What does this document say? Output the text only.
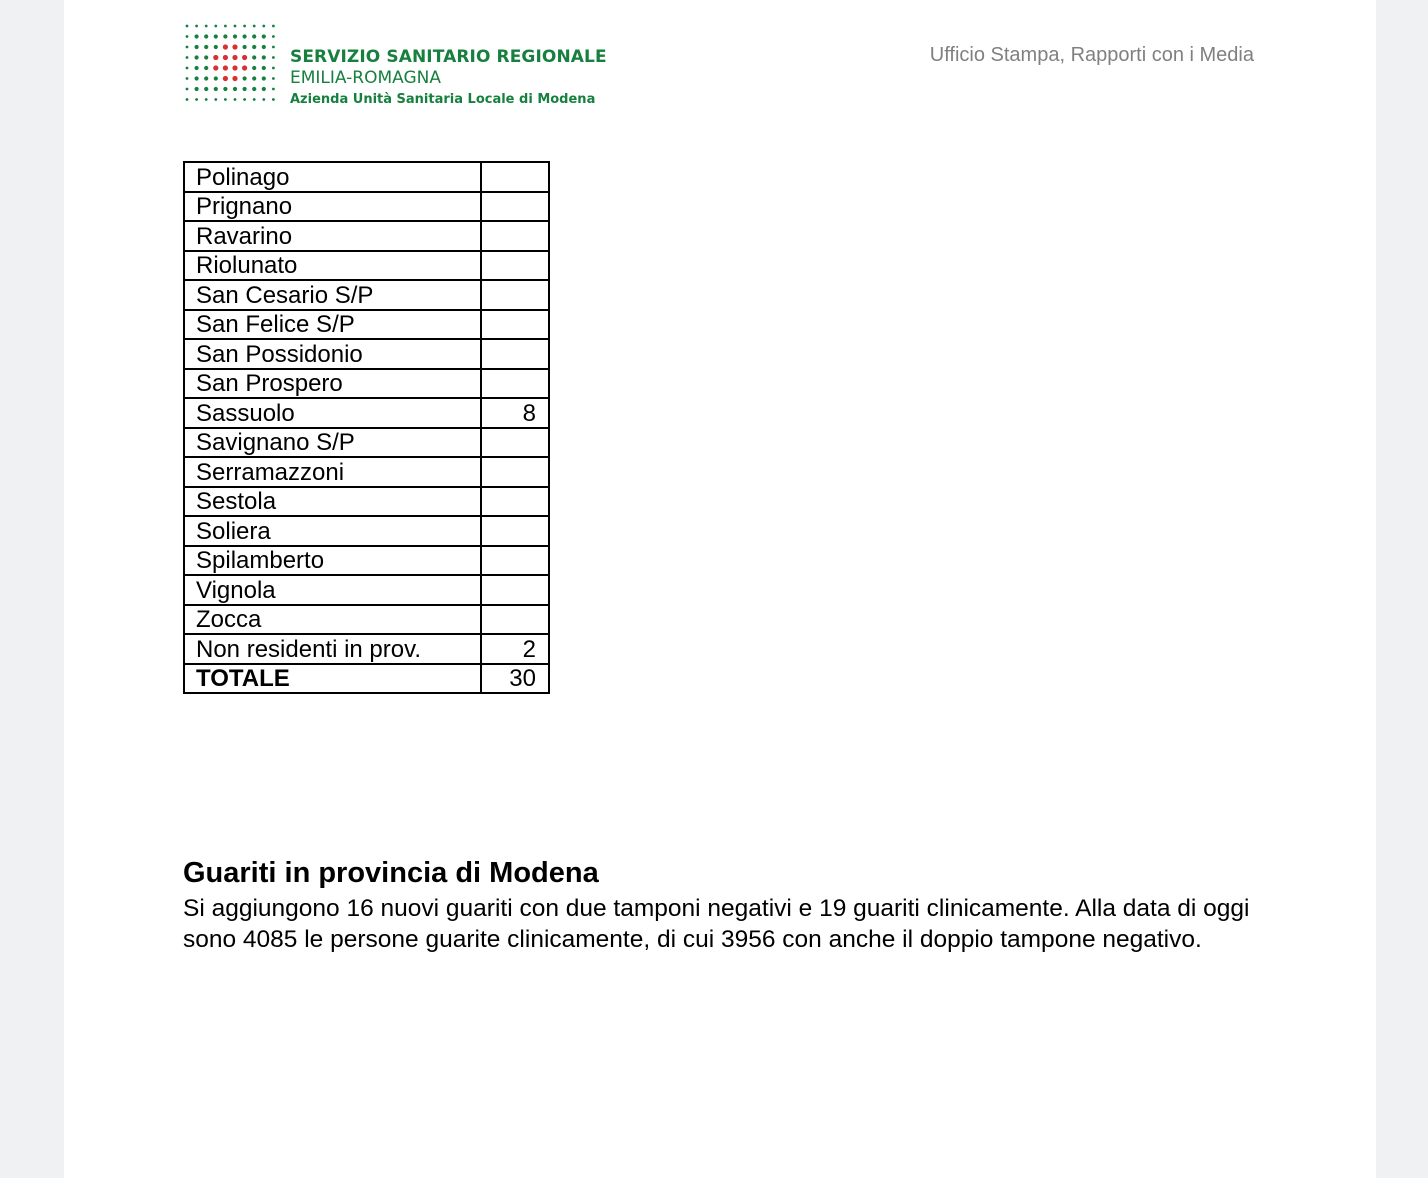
SERVIZIO SANITARIO REGIONALE
EMILIA-ROMAGNA
Azienda Unità Sanitaria Locale di Modena
Ufficio Stampa, Rapporti con i Media
Polinago	
Prignano	
Ravarino	
Riolunato	
San Cesario S/P	
San Felice S/P	
San Possidonio	
San Prospero	
Sassuolo	8
Savignano S/P	
Serramazzoni	
Sestola	
Soliera	
Spilamberto	
Vignola	
Zocca	
Non residenti in prov.	2
TOTALE	30
Guariti in provincia di Modena
Si aggiungono 16 nuovi guariti con due tamponi negativi e 19 guariti clinicamente. Alla data di oggi sono 4085 le persone guarite clinicamente, di cui 3956 con anche il doppio tampone negativo.
